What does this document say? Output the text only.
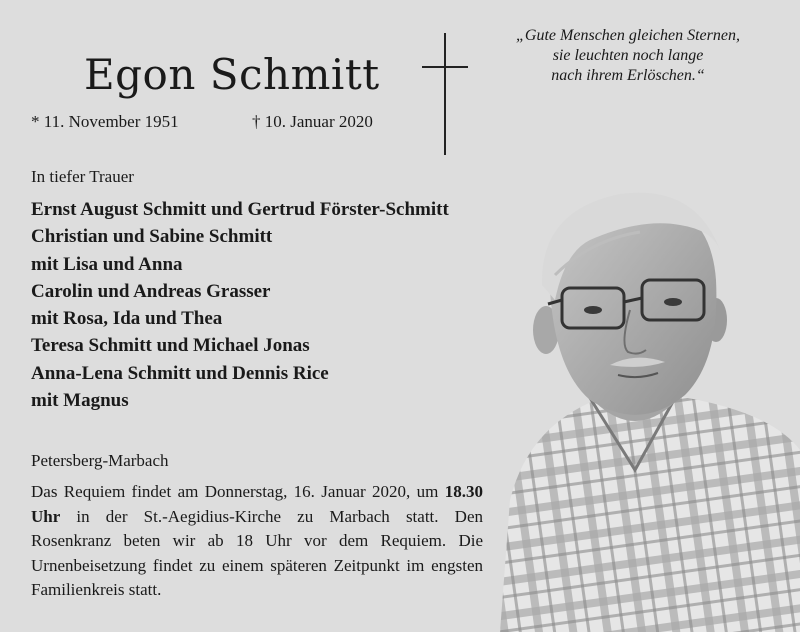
Egon Schmitt
* 11. November 1951	† 10. Januar 2020
„Gute Menschen gleichen Sternen,
sie leuchten noch lange
nach ihrem Erlöschen.“
In tiefer Trauer
Ernst August Schmitt und Gertrud Förster-Schmitt
Christian und Sabine Schmitt
mit Lisa und Anna
Carolin und Andreas Grasser
mit Rosa, Ida und Thea
Teresa Schmitt und Michael Jonas
Anna-Lena Schmitt und Dennis Rice
mit Magnus
Petersberg-Marbach

Das Requiem findet am Donnerstag, 16. Januar 2020, um 18.30 Uhr in der St.-Aegidius-Kirche zu Marbach statt. Den Rosenkranz beten wir ab 18 Uhr vor dem Requiem. Die Urnenbeisetzung findet zu einem späteren Zeitpunkt im engsten Familienkreis statt.
